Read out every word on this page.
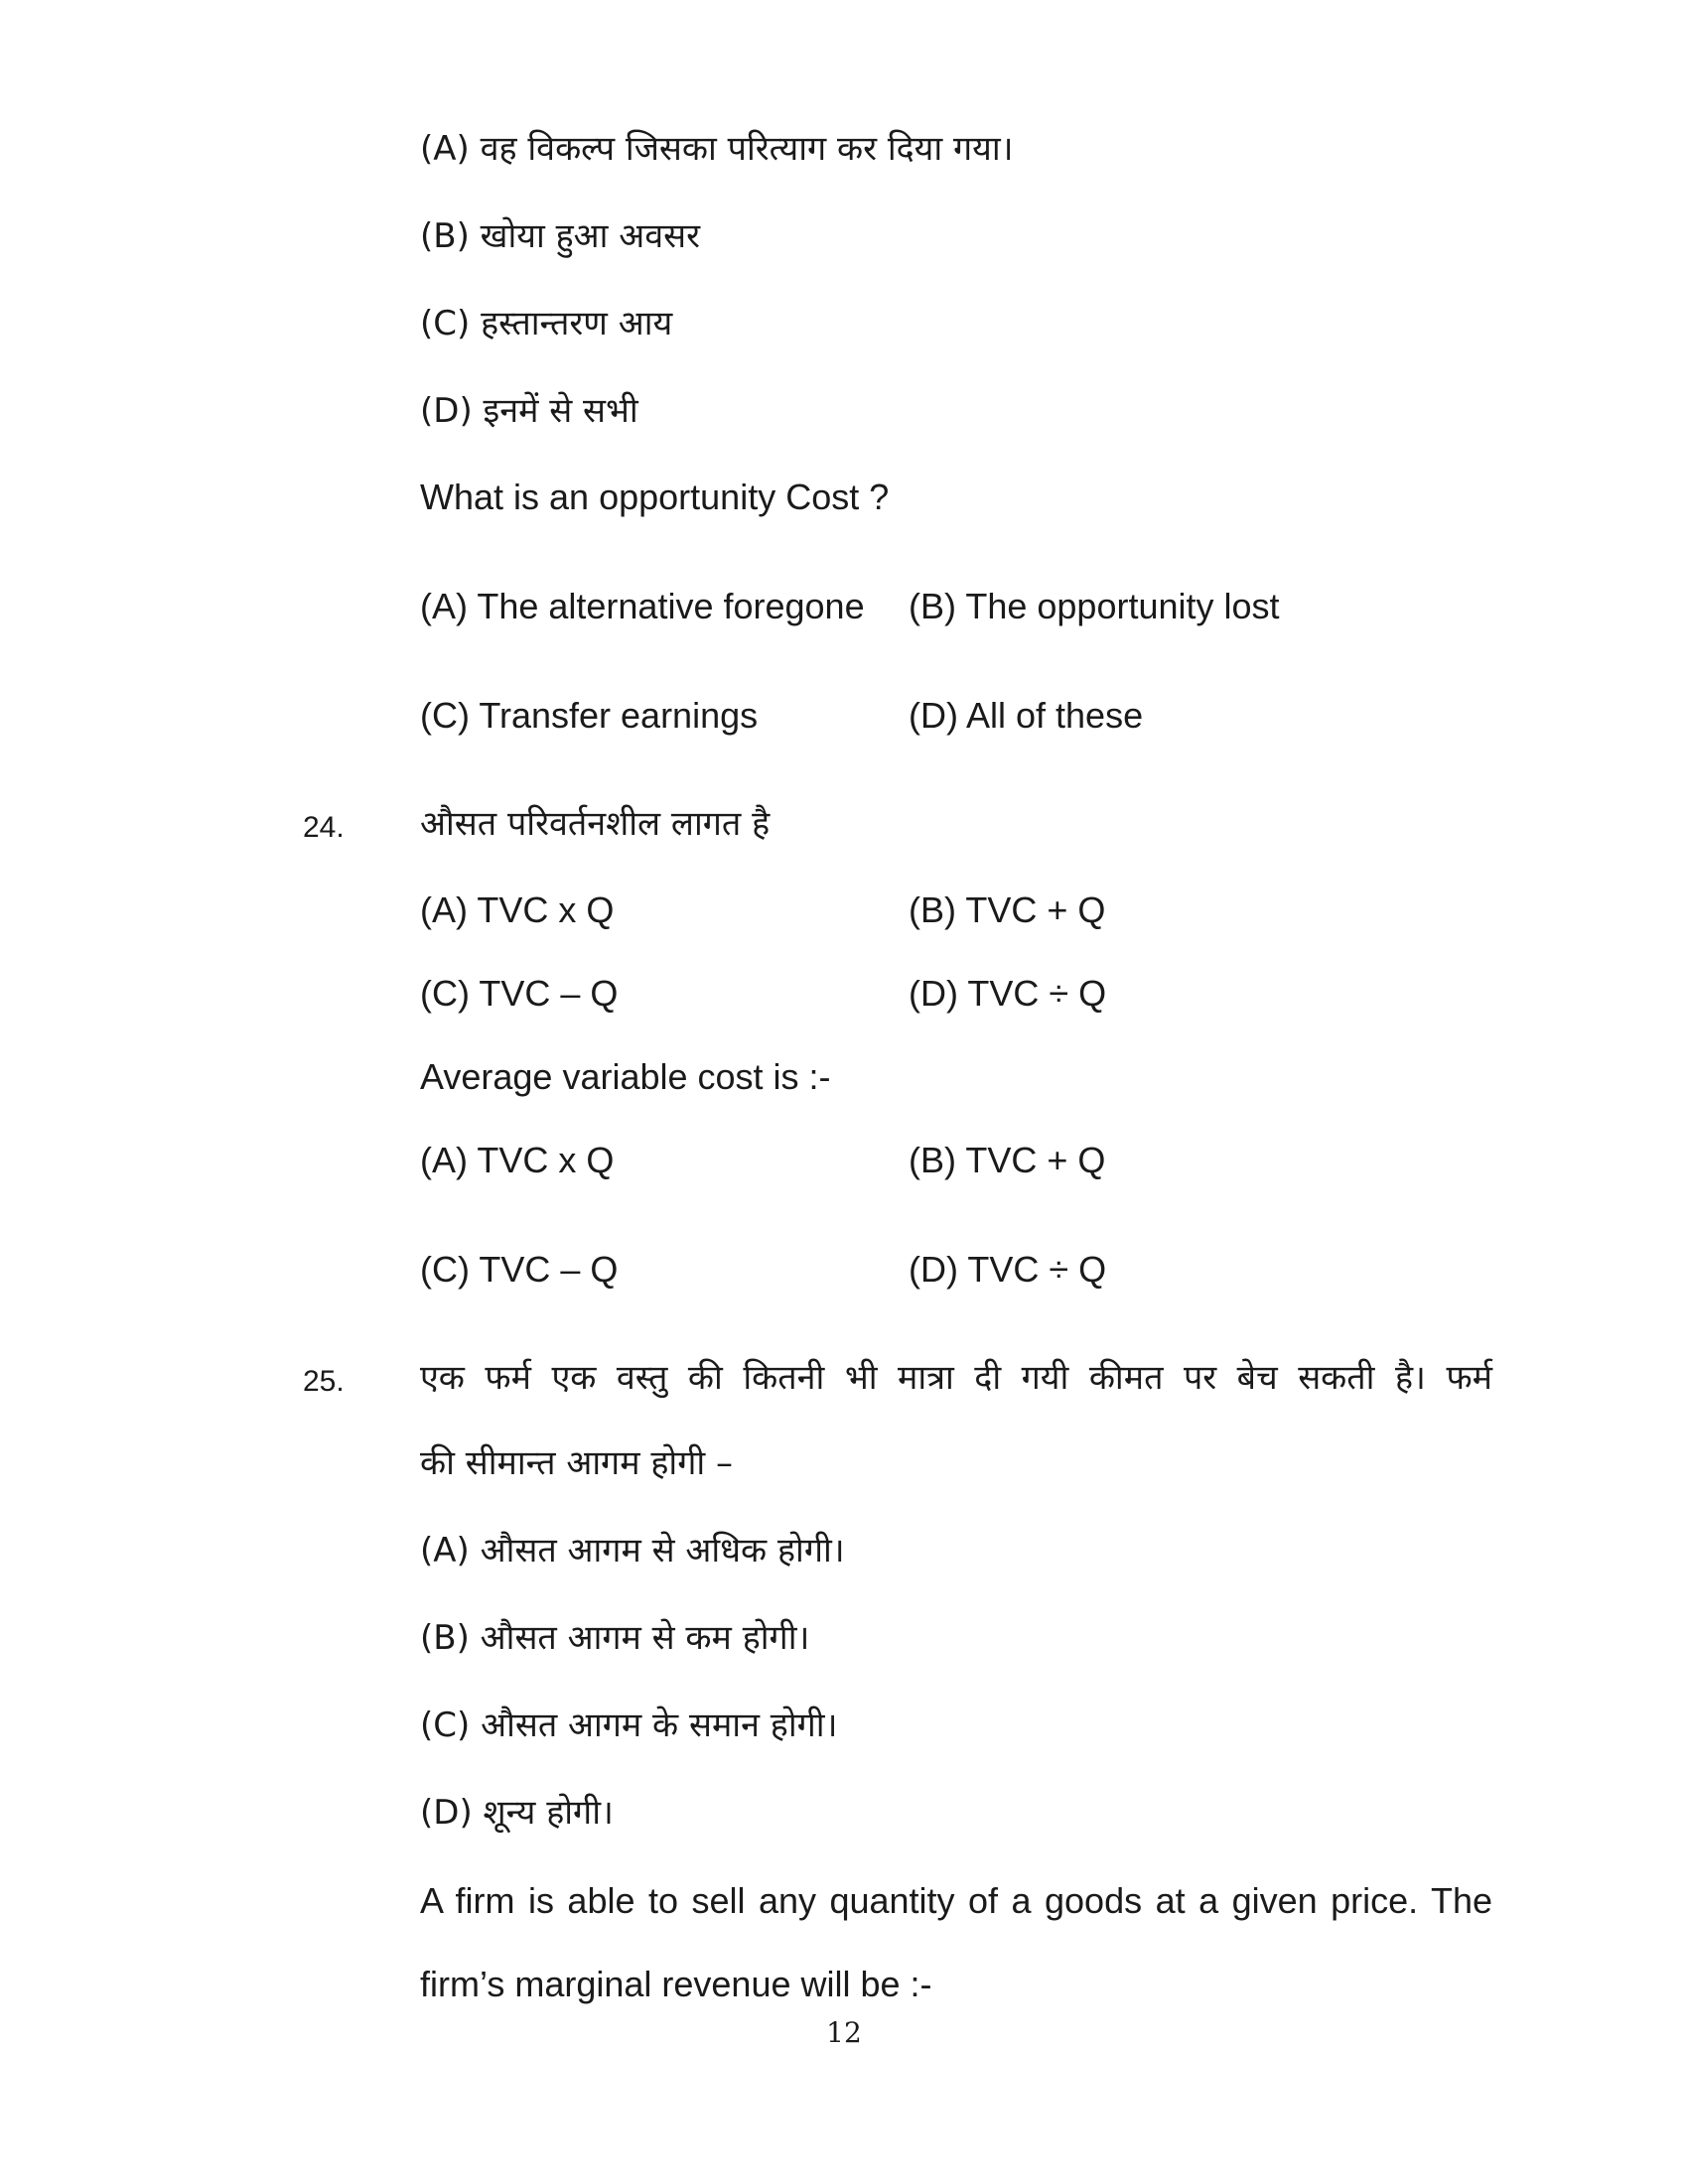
(A) वह विकल्प जिसका परित्याग कर दिया गया।
(B) खोया हुआ अवसर
(C) हस्तान्तरण आय
(D) इनमें से सभी
What is an opportunity Cost ?
(A) The alternative foregone (B) The opportunity lost
(C) Transfer earnings	(D) All of these
24. औसत परिवर्तनशील लागत है
(A) TVC x Q	(B) TVC + Q
(C) TVC – Q	(D) TVC ÷ Q
Average variable cost is :-
(A) TVC x Q	(B) TVC + Q
(C) TVC – Q	(D) TVC ÷ Q
25. एक फर्म एक वस्तु की कितनी भी मात्रा दी गयी कीमत पर बेच सकती है। फर्म
की सीमान्त आगम होगी –
(A) औसत आगम से अधिक होगी।
(B) औसत आगम से कम होगी।
(C) औसत आगम के समान होगी।
(D) शून्य होगी।
A firm is able to sell any quantity of a goods at a given price. The
firm’s marginal revenue will be :-
12
